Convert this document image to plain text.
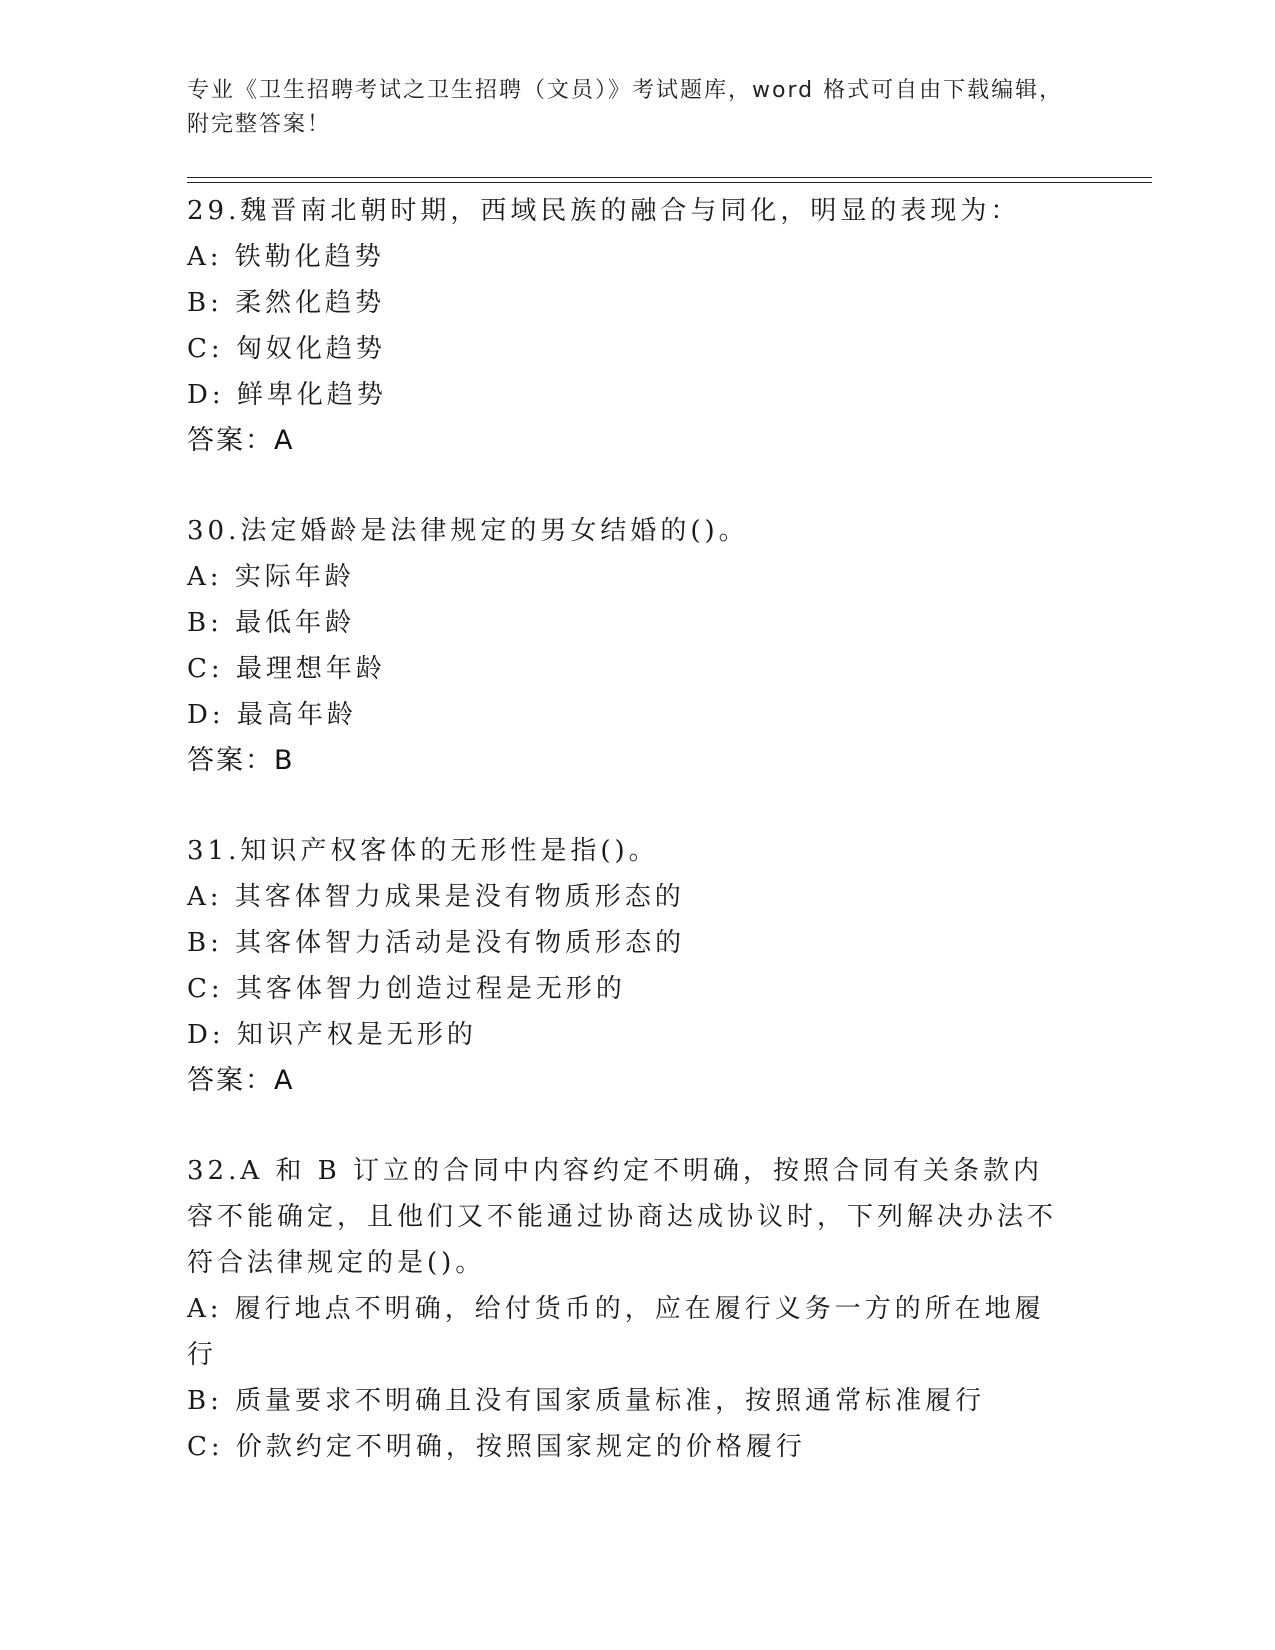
专业《卫生招聘考试之卫生招聘（文员）》考试题库，word 格式可自由下载编辑，附完整答案！

29.魏晋南北朝时期，西域民族的融合与同化，明显的表现为：

A: 铁勒化趋势

B: 柔然化趋势

C: 匈奴化趋势

D: 鲜卑化趋势

答案：A

30.法定婚龄是法律规定的男女结婚的()。

A: 实际年龄

B: 最低年龄

C: 最理想年龄

D: 最高年龄

答案：B

31.知识产权客体的无形性是指()。

A: 其客体智力成果是没有物质形态的

B: 其客体智力活动是没有物质形态的

C: 其客体智力创造过程是无形的

D: 知识产权是无形的

答案：A

32.A 和 B 订立的合同中内容约定不明确，按照合同有关条款内容不能确定，且他们又不能通过协商达成协议时，下列解决办法不符合法律规定的是()。

A: 履行地点不明确，给付货币的，应在履行义务一方的所在地履行

B: 质量要求不明确且没有国家质量标准，按照通常标准履行

C: 价款约定不明确，按照国家规定的价格履行
